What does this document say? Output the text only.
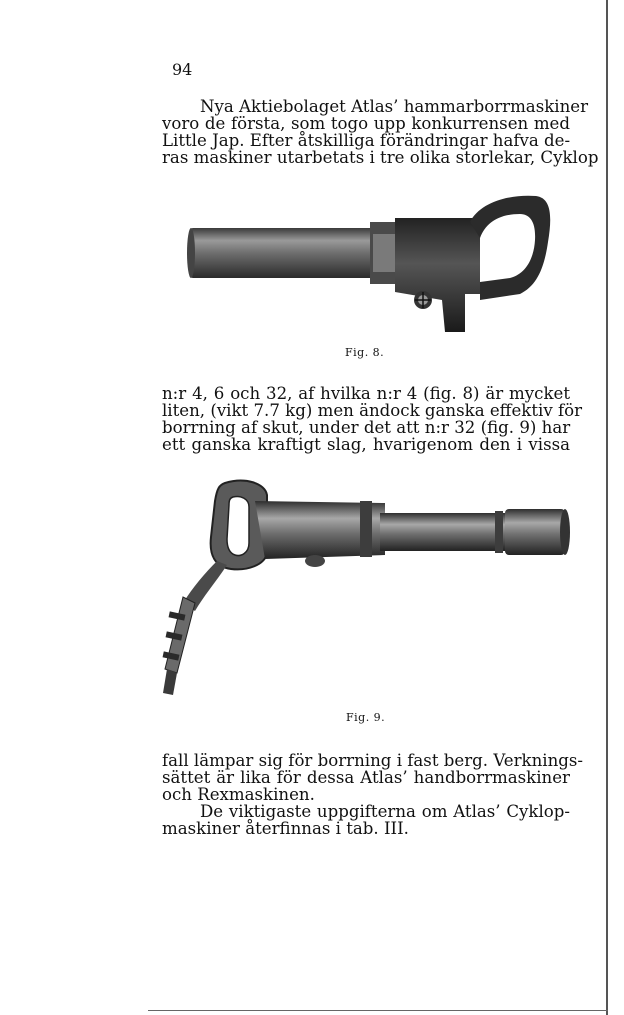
94

Nya Aktiebolaget Atlas’ hammarborrmaskiner
voro de första, som togo upp konkurrensen med
Little Jap. Efter åtskilliga förändringar hafva de-
ras maskiner utarbetats i tre olika storlekar, Cyklop

Fig. 8.

n:r 4, 6 och 32, af hvilka n:r 4 (fig. 8) är mycket
liten, (vikt 7.7 kg) men ändock ganska effektiv för
borrning af skut, under det att n:r 32 (fig. 9) har
ett ganska kraftigt slag, hvarigenom den i vissa

Fig. 9.

fall lämpar sig för borrning i fast berg. Verknings-
sättet är lika för dessa Atlas’ handborrmaskiner
och Rexmaskinen.
De viktigaste uppgifterna om Atlas’ Cyklop-
maskiner återfinnas i tab. III.
